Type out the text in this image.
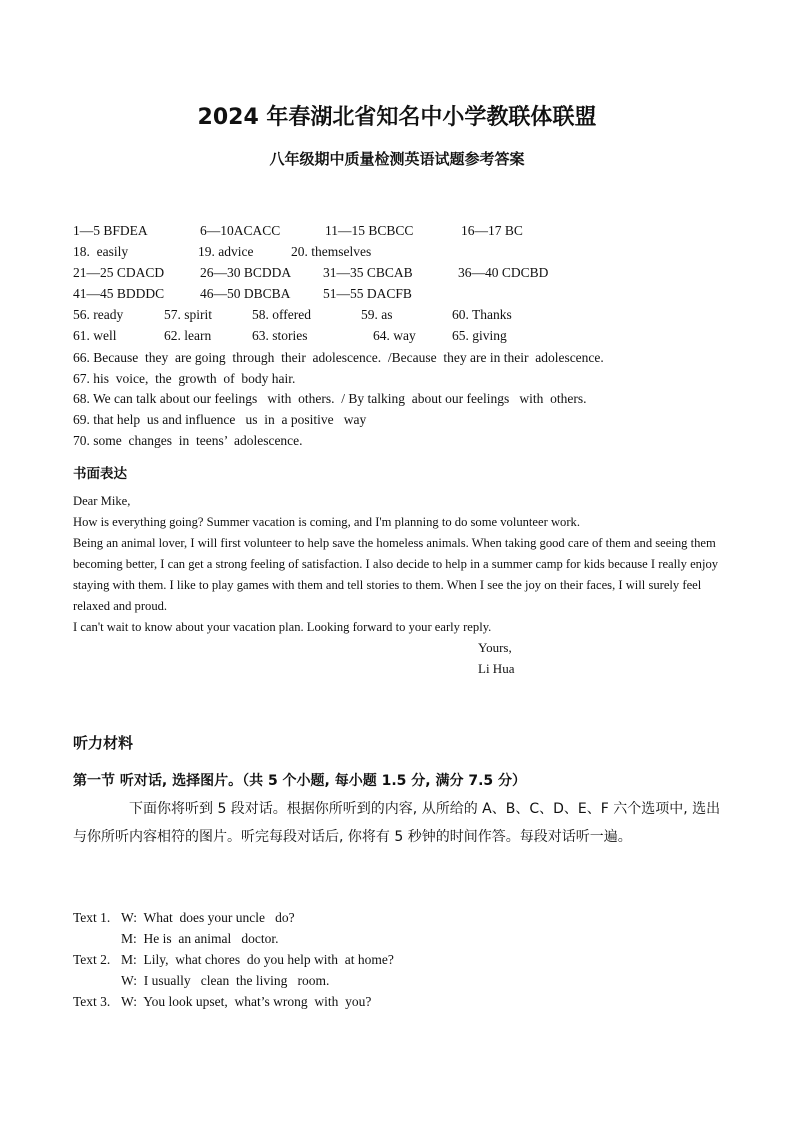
2024 年春湖北省知名中小学教联体联盟
八年级期中质量检测英语试题参考答案
1—5 BFDEA	6—10ACACC	11—15 BCBCC	16—17 BC
18.  easily	19. advice	20. themselves
21—25 CDACD	26—30 BCDDA 31—35 CBCAB	36—40 CDCBD
41—45 BDDDC	46—50 DBCBA 51—55 DACFB
56. ready	57. spirit	58. offered	59. as	60. Thanks
61. well	62. learn	63. stories	64. way	65. giving
66. Because  they  are going  through  their  adolescence.  /Because  they are in their  adolescence.
67. his  voice,  the  growth  of  body hair.
68. We can talk about our feelings   with  others.  / By talking  about our feelings   with  others.
69. that help  us and influence   us  in  a positive   way
70. some  changes  in  teens’  adolescence.
书面表达

Dear Mike,

How is everything going? Summer vacation is coming, and I'm planning to do some volunteer work.

Being an animal lover, I will first volunteer to help save the homeless animals. When taking good care of them and seeing them becoming better, I can get a strong feeling of satisfaction. I also decide to help in a summer camp for kids because I really enjoy staying with them. I like to play games with them and tell stories to them. When I see the joy on their faces, I will surely feel relaxed and proud.

I can't wait to know about your vacation plan. Looking forward to your early reply.

Yours,
Li Hua
听力材料
第一节 听对话, 选择图片。（共 5 个小题, 每小题 1.5 分, 满分 7.5 分）
下面你将听到 5 段对话。根据你所听到的内容, 从所给的 A、B、C、D、E、F 六个选项中, 选出与你所听内容相符的图片。听完每段对话后, 你将有 5 秒钟的时间作答。每段对话听一遍。
Text 1. W:  What  does your uncle   do?
M:  He is  an animal   doctor.
Text 2. M:  Lily,  what chores  do you help with  at home?
W:  I usually   clean  the living   room.
Text 3. W:  You look upset,  what’s wrong  with  you?
